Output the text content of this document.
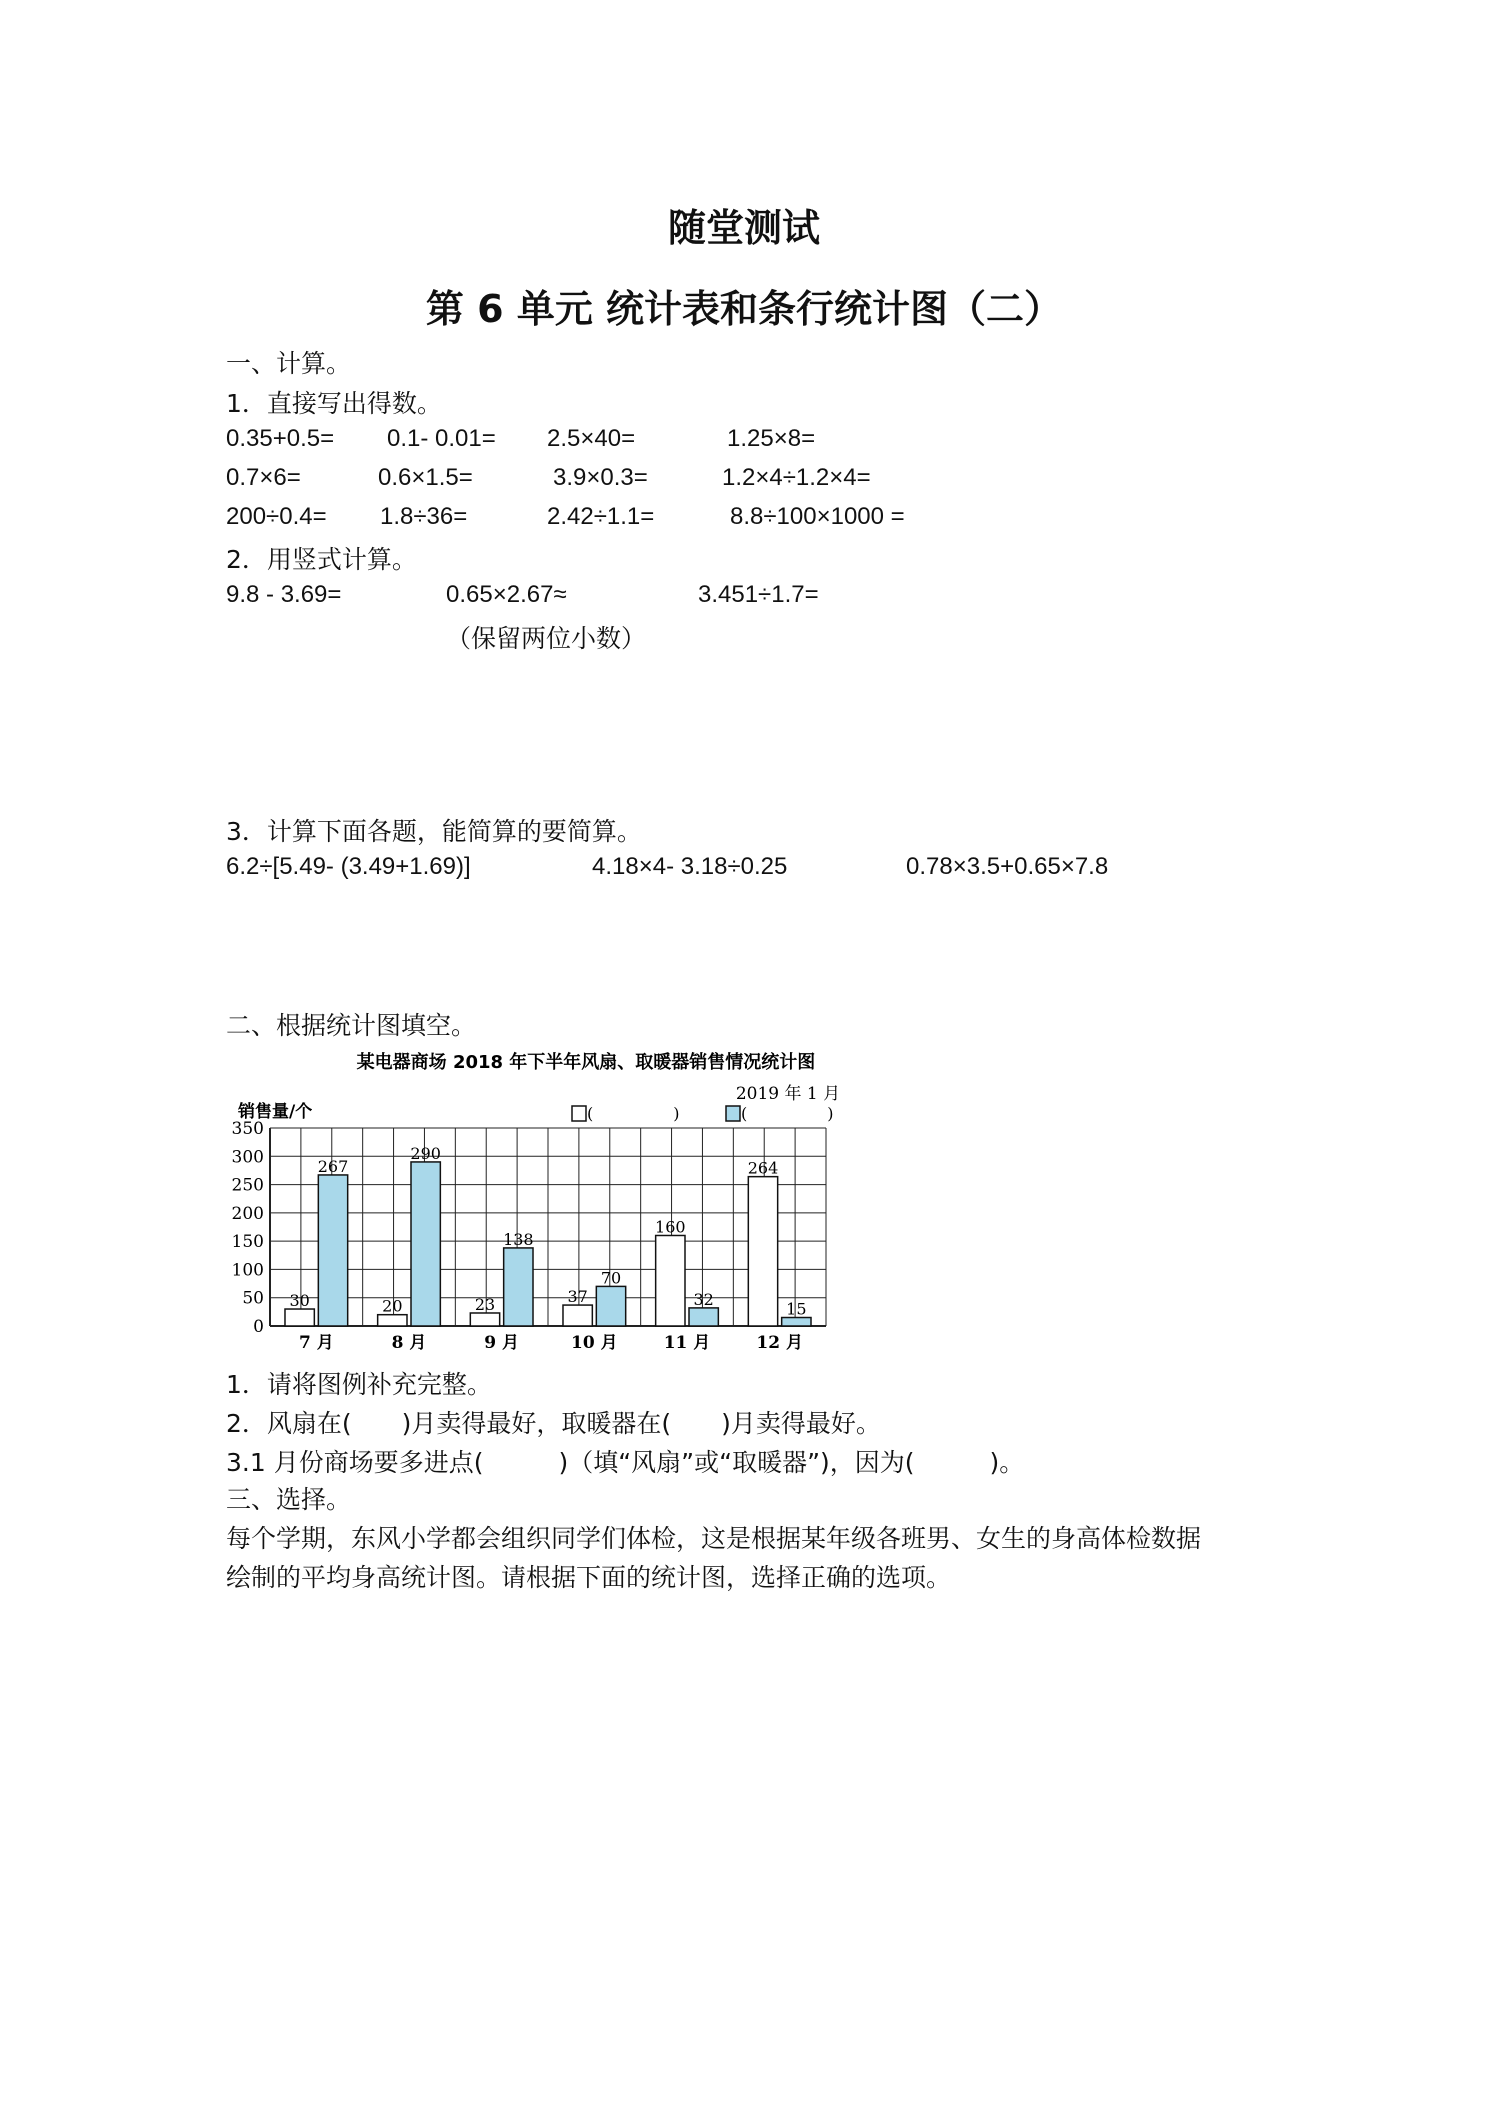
随堂测试
第 6 单元 统计表和条行统计图（二）
一、计算。
1．直接写出得数。
0.35+0.5= 0.1- 0.01= 2.5×40=	1.25×8=
0.7×6=	0.6×1.5=	3.9×0.3=	1.2×4÷1.2×4=
200÷0.4= 1.8÷36=	2.42÷1.1=	8.8÷100×1000 =
2．用竖式计算。
9.8 - 3.69=	0.65×2.67≈	3.451÷1.7=
（保留两位小数）
3．计算下面各题，能简算的要简算。
6.2÷[5.49- (3.49+1.69)]	4.18×4- 3.18÷0.25	0.78×3.5+0.65×7.8
二、根据统计图填空。
某电器商场 2018 年下半年风扇、取暖器销售情况统计图
2019 年 1 月
销售量/个	(　　　　　)	(　　　　　)
0
50
100
150
200
250
300
350
30
267
20
290
23
138
37
70
160
32
264
15
7 月	8 月	9 月	10 月	11 月	12 月
1．请将图例补充完整。
2．风扇在(　　)月卖得最好，取暖器在(　　)月卖得最好。
3.1 月份商场要多进点(　　　)（填“风扇”或“取暖器”)，因为(　　　)。
三、选择。
每个学期，东风小学都会组织同学们体检，这是根据某年级各班男、女生的身高体检数据
绘制的平均身高统计图。请根据下面的统计图，选择正确的选项。
